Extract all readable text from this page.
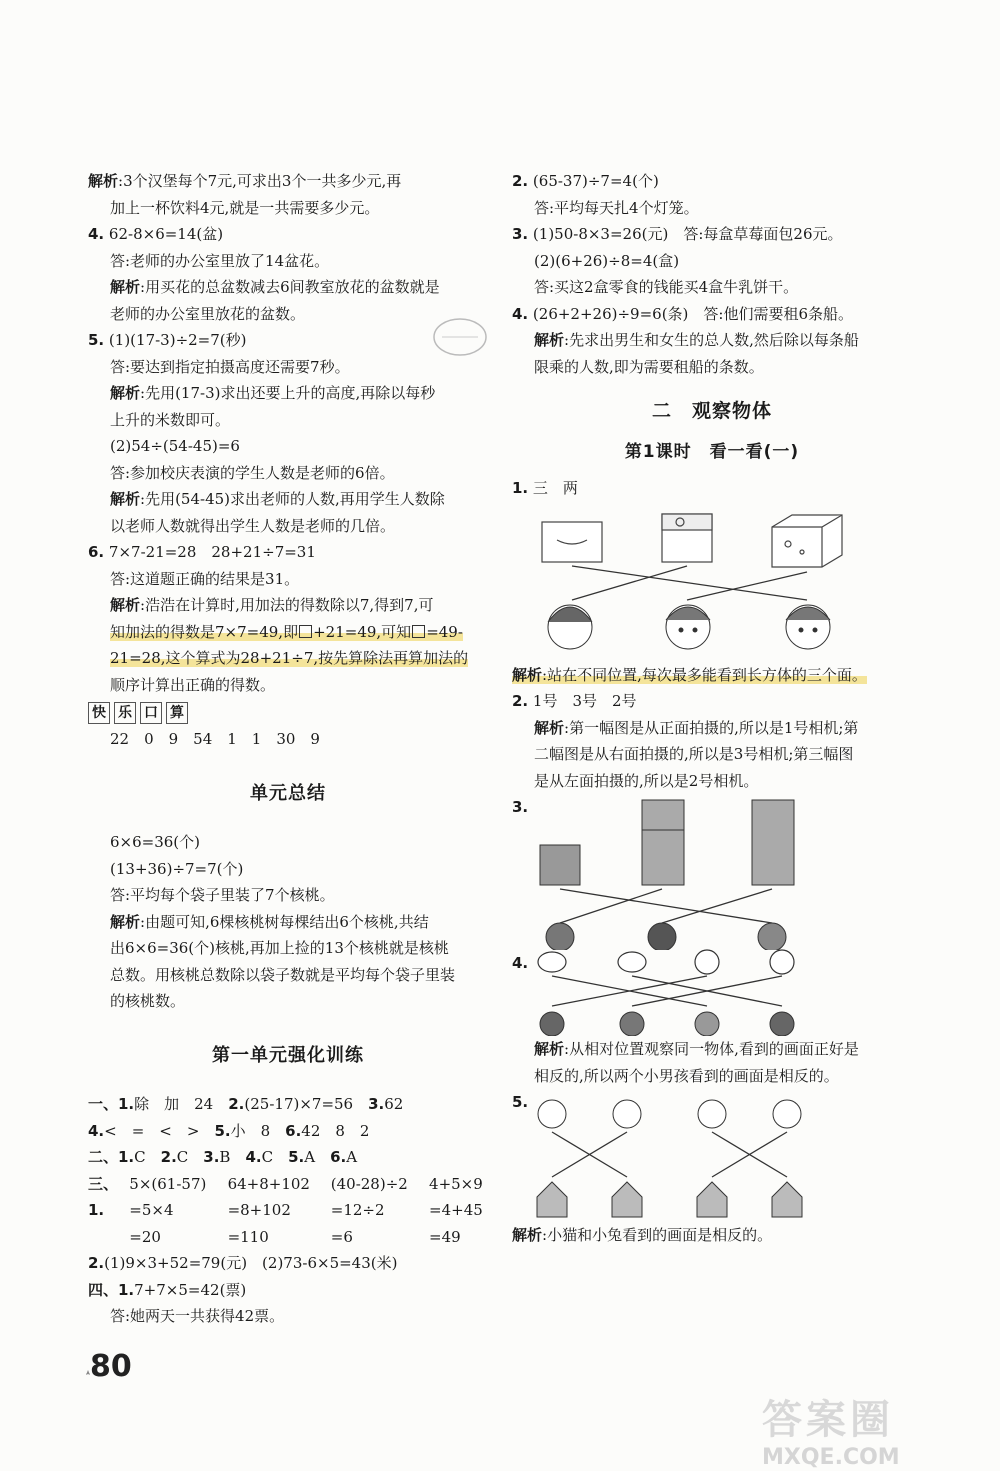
解析:3个汉堡每个7元,可求出3个一共多少元,再
加上一杯饮料4元,就是一共需要多少元。
4. 62-8×6=14(盆)
答:老师的办公室里放了14盆花。
解析:用买花的总盆数减去6间教室放花的盆数就是
老师的办公室里放花的盆数。
5. (1)(17-3)÷2=7(秒)
答:要达到指定拍摄高度还需要7秒。
解析:先用(17-3)求出还要上升的高度,再除以每秒
上升的米数即可。
(2)54÷(54-45)=6
答:参加校庆表演的学生人数是老师的6倍。
解析:先用(54-45)求出老师的人数,再用学生人数除
以老师人数就得出学生人数是老师的几倍。
6. 7×7-21=28　28+21÷7=31
答:这道题正确的结果是31。
解析:浩浩在计算时,用加法的得数除以7,得到7,可
知加法的得数是7×7=49,即 +21=49,可知 =49-
21=28,这个算式为28+21÷7,按先算除法再算加法的
顺序计算出正确的得数。
快 乐 口 算
22　0　9　54　1　1　30　9
单元总结
6×6=36(个)
(13+36)÷7=7(个)
答:平均每个袋子里装了7个核桃。
解析:由题可知,6棵核桃树每棵结出6个核桃,共结
出6×6=36(个)核桃,再加上捡的13个核桃就是核桃
总数。用核桃总数除以袋子数就是平均每个袋子里装
的核桃数。
第一单元强化训练
一、1.除　加　24　 2.(25-17)×7=56　 3.62
4.<　=　<　>　 5.小　8　 6.42　8　2
二、1.C　 2.C　 3.B　 4.C　 5.A　 6.A
三、1.
5×(61-57)
=5×4
=20
64+8+102
=8+102
=110
(40-28)÷2
=12÷2
=6
4+5×9
=4+45
=49
2.(1)9×3+52=79(元)　(2)73-6×5=43(米)
四、1.7+7×5=42(票)
答:她两天一共获得42票。
2. (65-37)÷7=4(个)
答:平均每天扎4个灯笼。
3. (1)50-8×3=26(元)　答:每盒草莓面包26元。
(2)(6+26)÷8=4(盒)
答:买这2盒零食的钱能买4盒牛乳饼干。
4. (26+2+26)÷9=6(条)　答:他们需要租6条船。
解析:先求出男生和女生的总人数,然后除以每条船
限乘的人数,即为需要租船的条数。
二　观察物体
第1课时　看一看(一)
1. 三　两
解析:站在不同位置,每次最多能看到长方体的三个面。
2. 1号　3号　2号
解析:第一幅图是从正面拍摄的,所以是1号相机;第
二幅图是从右面拍摄的,所以是3号相机;第三幅图
是从左面拍摄的,所以是2号相机。
3.
4.
解析:从相对位置观察同一物体,看到的画面正好是
相反的,所以两个小男孩看到的画面是相反的。
5.
解析:小猫和小兔看到的画面是相反的。
80
答案圈
MXQE.COM
